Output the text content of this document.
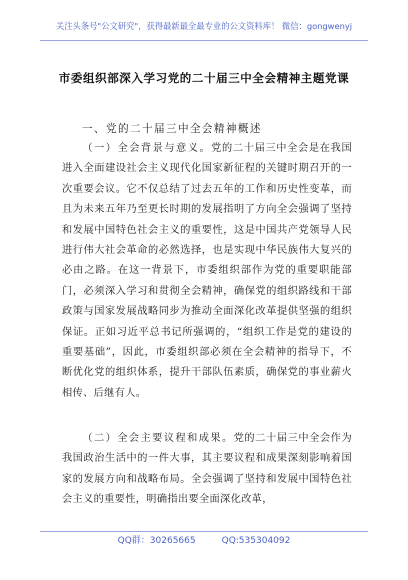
关注头条号"公文研究"，获得最新最全最专业的公文资料库！ 微信：gongwenyj
市委组织部深入学习党的二十届三中全会精神主题党课
一、党的二十届三中全会精神概述

（一）全会背景与意义。党的二十届三中全会是在我国进入全面建设社会主义现代化国家新征程的关键时期召开的一次重要会议。它不仅总结了过去五年的工作和历史性变革，而且为未来五年乃至更长时期的发展指明了方向全会强调了坚持和发展中国特色社会主义的重要性，这是中国共产党领导人民进行伟大社会革命的必然选择，也是实现中华民族伟大复兴的必由之路。在这一背景下，市委组织部作为党的重要职能部门，必须深入学习和贯彻全会精神，确保党的组织路线和干部政策与国家发展战略同步为推动全面深化改革提供坚强的组织保证。正如习近平总书记所强调的，“组织工作是党的建设的重要基础”，因此，市委组织部必须在全会精神的指导下，不断优化党的组织体系，提升干部队伍素质，确保党的事业薪火相传、后继有人。

（二）全会主要议程和成果。党的二十届三中全会作为我国政治生活中的一件大事，其主要议程和成果深刻影响着国家的发展方向和战略布局。全会强调了坚持和发展中国特色社会主义的重要性，明确指出要全面深化改革，

QQ群：30265665	QQ:535304092
